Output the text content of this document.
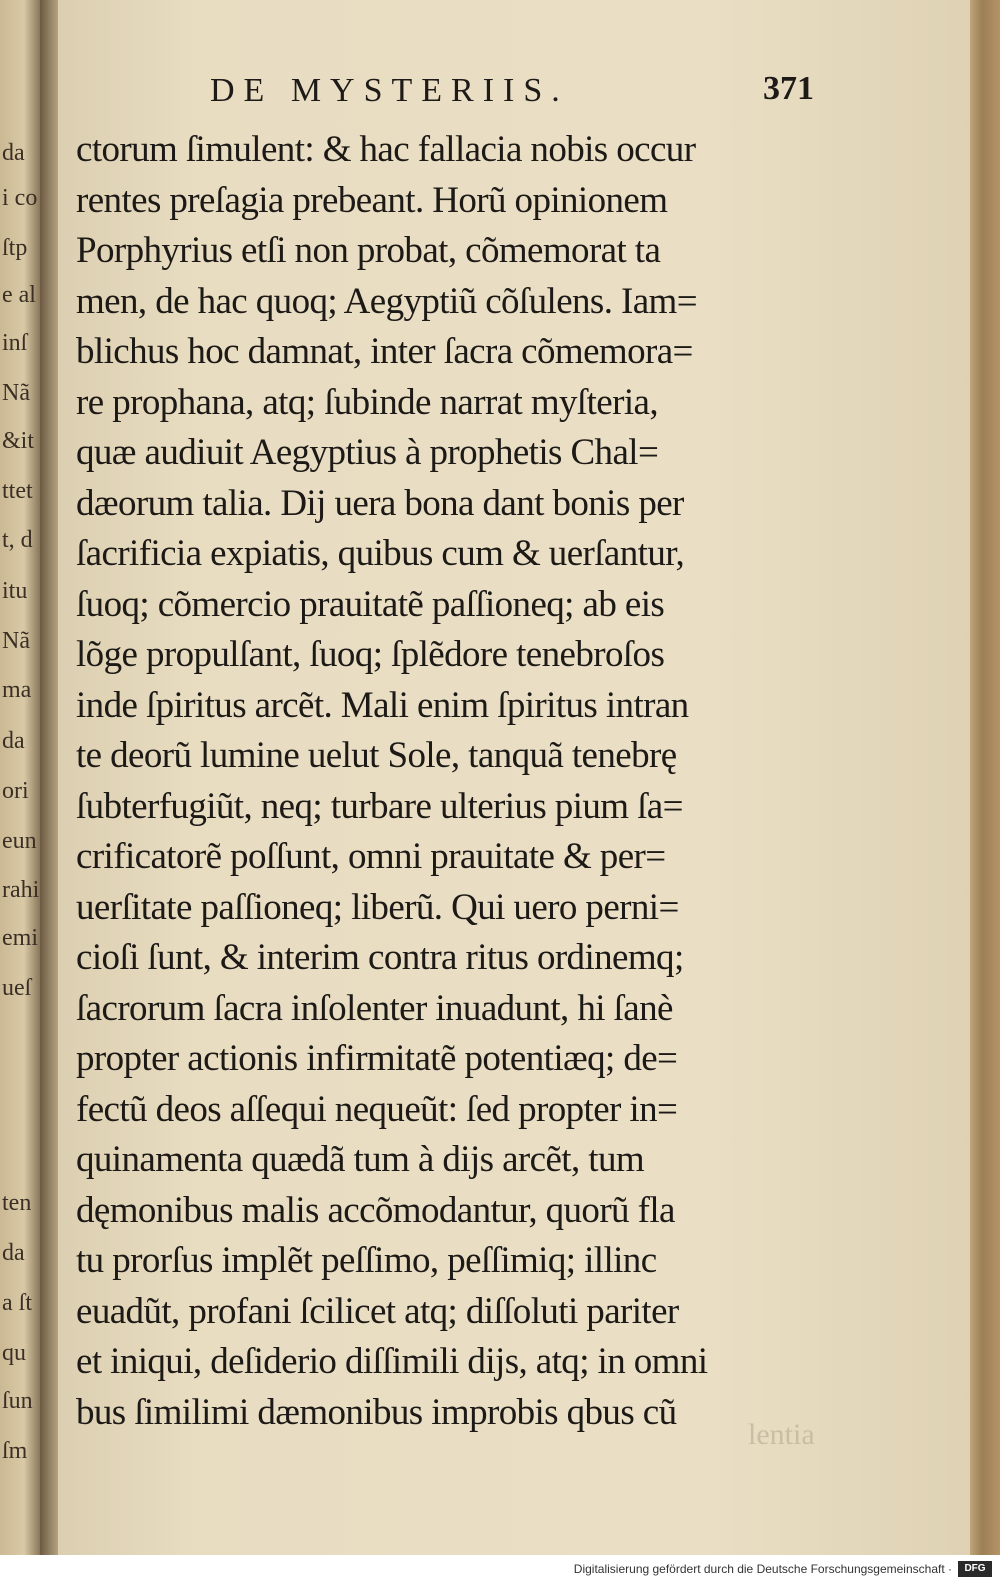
da
i co
ſtp
e al
inſ
Nã
&it
ttet
t, d
itu
Nã
ma
da
ori
eun
rahi
emi
ueſ
ten
da
a ſt
qu
ſun
ſm
DE MYSTERIIS.	371
ctorum ſimulent: & hac fallacia nobis occur
rentes preſagia prebeant. Horũ opinionem
Porphyrius etſi non probat, cõmemorat ta
men, de hac quoq; Aegyptiũ cõſulens. Iam=
blichus hoc damnat, inter ſacra cõmemora=
re prophana, atq; ſubinde narrat myſteria,
quæ audiuit Aegyptius à prophetis Chal=
dæorum talia. Dij uera bona dant bonis per
ſacrificia expiatis, quibus cum & uerſantur,
ſuoq; cõmercio prauitatẽ paſſioneq; ab eis
lõge propulſant, ſuoq; ſplẽdore tenebroſos
inde ſpiritus arcẽt. Mali enim ſpiritus intran
te deorũ lumine uelut Sole, tanquã tenebrę
ſubterfugiũt, neq; turbare ulterius pium ſa=
crificatorẽ poſſunt, omni prauitate & per=
uerſitate paſſioneq; liberũ. Qui uero perni=
cioſi ſunt, & interim contra ritus ordinemq;
ſacrorum ſacra inſolenter inuadunt, hi ſanè
propter actionis infirmitatẽ potentiæq; de=
fectũ deos aſſequi nequeũt: ſed propter in=
quinamenta quædã tum à dijs arcẽt, tum
dęmonibus malis accõmodantur, quorũ fla
tu prorſus implẽt peſſimo, peſſimiq; illinc
euadũt, profani ſcilicet atq; diſſoluti pariter
et iniqui, deſiderio diſſimili dijs, atq; in omni
bus ſimilimi dæmonibus improbis qbus cũ
lentia
Digitalisierung gefördert durch die Deutsche Forschungsgemeinschaft ·	DFG
